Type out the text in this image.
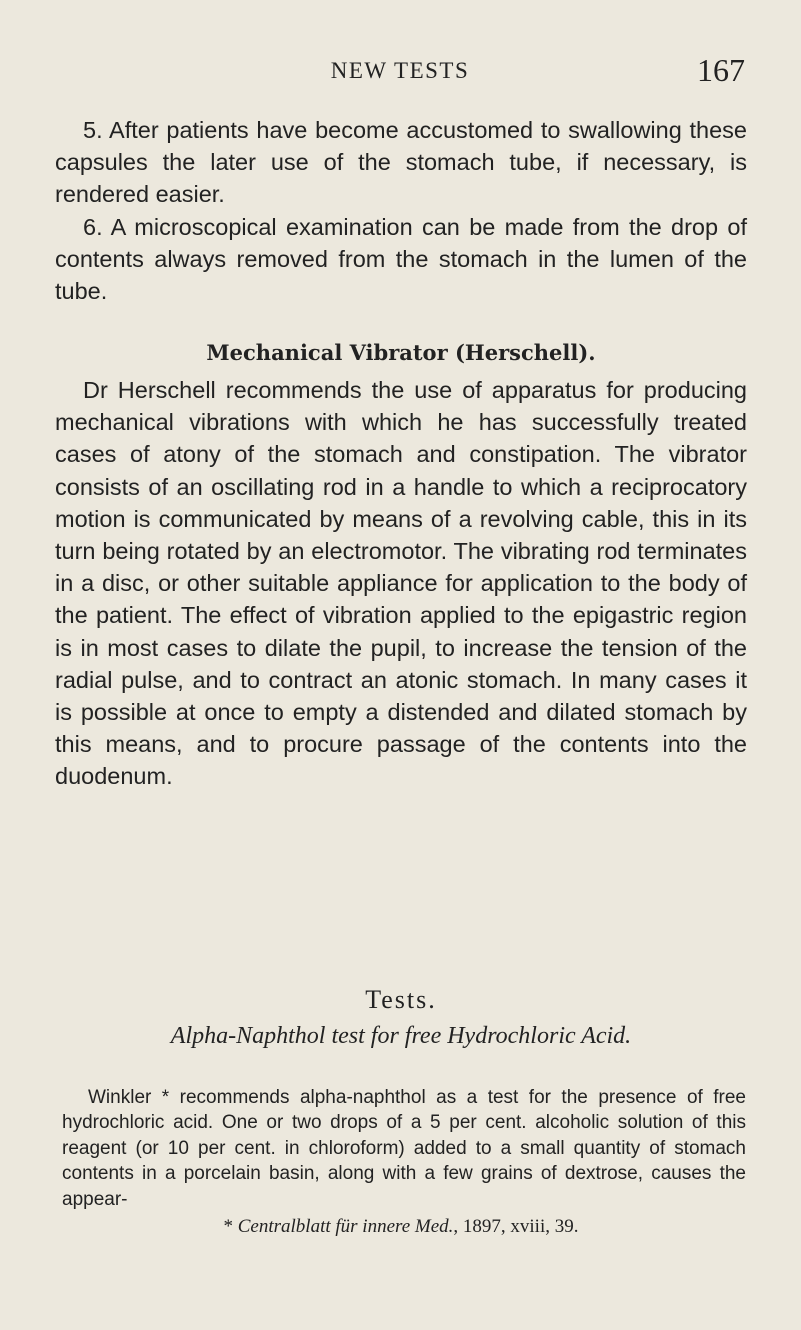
NEW TESTS	167

5. After patients have become accustomed to swallowing these capsules the later use of the stomach tube, if necessary, is rendered easier.

6. A microscopical examination can be made from the drop of contents always removed from the stomach in the lumen of the tube.

Mechanical Vibrator (Herschell).

Dr Herschell recommends the use of apparatus for producing mechanical vibrations with which he has successfully treated cases of atony of the stomach and constipation. The vibrator consists of an oscillating rod in a handle to which a reciprocatory motion is communicated by means of a revolving cable, this in its turn being rotated by an electromotor. The vibrating rod terminates in a disc, or other suitable appliance for application to the body of the patient. The effect of vibration applied to the epigastric region is in most cases to dilate the pupil, to increase the tension of the radial pulse, and to contract an atonic stomach. In many cases it is possible at once to empty a distended and dilated stomach by this means, and to procure passage of the contents into the duodenum.

Tests.
Alpha-Naphthol test for free Hydrochloric Acid.

Winkler * recommends alpha-naphthol as a test for the presence of free hydrochloric acid. One or two drops of a 5 per cent. alcoholic solution of this reagent (or 10 per cent. in chloroform) added to a small quantity of stomach contents in a porcelain basin, along with a few grains of dextrose, causes the appear-

* Centralblatt für innere Med., 1897, xviii, 39.
